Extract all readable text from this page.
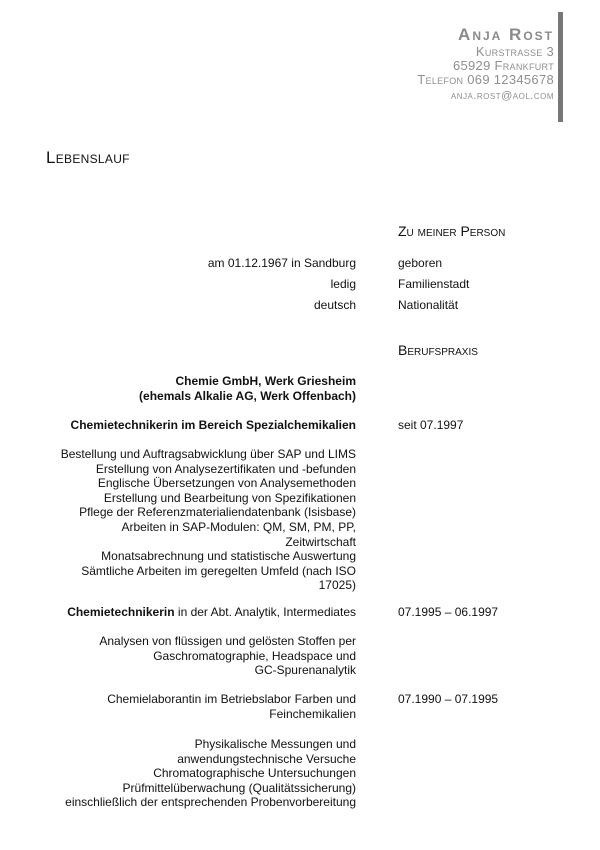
Anja Rost
Kurstrasse 3
65929 Frankfurt
Telefon 069 12345678
anja.rost@aol.com
Lebenslauf
Zu meiner Person
am 01.12.1967 in Sandburg	geboren
ledig	Familienstadt
deutsch	Nationalität
Berufspraxis
Chemie GmbH, Werk Griesheim
(ehemals Alkalie AG, Werk Offenbach)
Chemietechnikerin im Bereich Spezialchemikalien	seit 07.1997
Bestellung und Auftragsabwicklung über SAP und LIMS
Erstellung von Analysezertifikaten und -befunden
Englische Übersetzungen von Analysemethoden
Erstellung und Bearbeitung von Spezifikationen
Pflege der Referenzmaterialiendatenbank (Isisbase)
Arbeiten in SAP-Modulen: QM, SM, PM, PP,
Zeitwirtschaft
Monatsabrechnung und statistische Auswertung
Sämtliche Arbeiten im geregelten Umfeld (nach ISO
17025)
Chemietechnikerin in der Abt. Analytik, Intermediates	07.1995 – 06.1997
Analysen von flüssigen und gelösten Stoffen per
Gaschromatographie, Headspace und
GC-Spurenanalytik
Chemielaborantin im Betriebslabor Farben und
Feinchemikalien
07.1990 – 07.1995
Physikalische Messungen und
anwendungstechnische Versuche
Chromatographische Untersuchungen
Prüfmittelüberwachung (Qualitätssicherung)
einschließlich der entsprechenden Probenvorbereitung
